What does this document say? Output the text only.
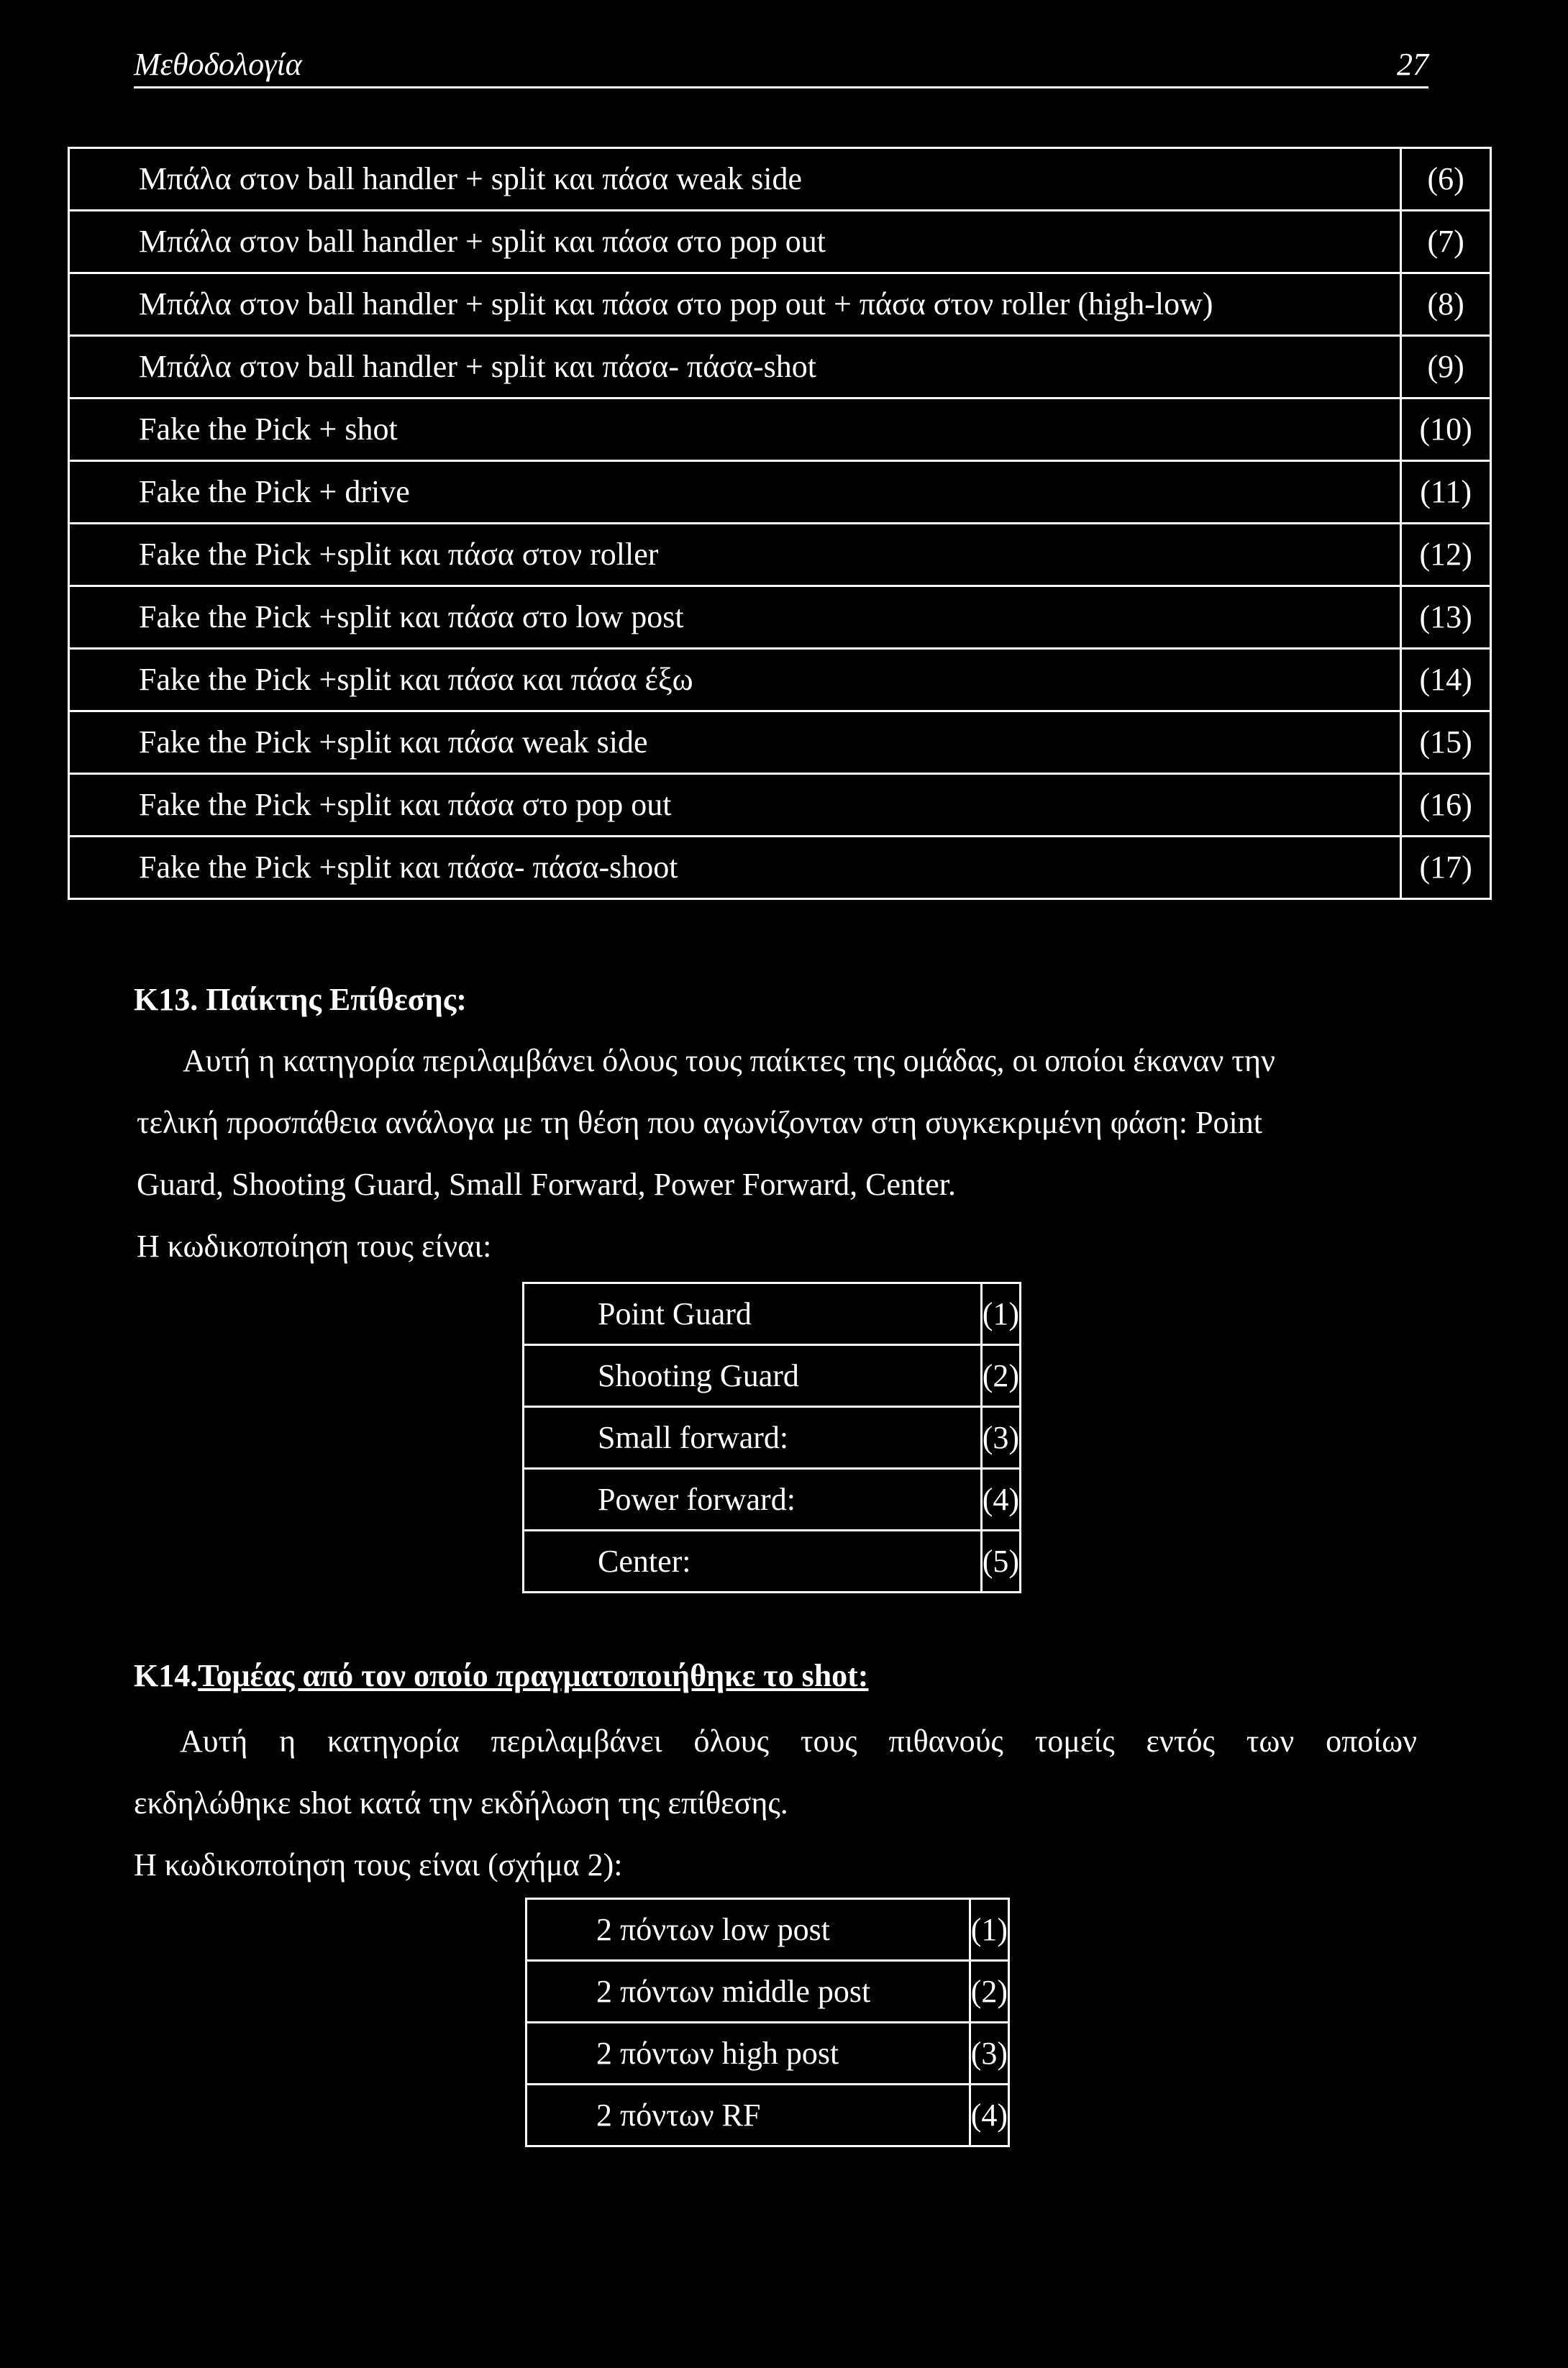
Μεθοδολογία	27
Μπάλα στον ball handler + split και πάσα weak side	(6)
Μπάλα στον ball handler + split και πάσα στο pop out	(7)
Μπάλα στον ball handler + split και πάσα στο pop out + πάσα στον roller (high-low)	(8)
Μπάλα στον ball handler + split και πάσα- πάσα-shot	(9)
Fake the Pick + shot	(10)
Fake the Pick + drive	(11)
Fake the Pick +split και πάσα στον roller	(12)
Fake the Pick +split και πάσα στο low post	(13)
Fake the Pick +split και πάσα και πάσα έξω	(14)
Fake the Pick +split και πάσα weak side	(15)
Fake the Pick +split και πάσα στο pop out	(16)
Fake the Pick +split και πάσα- πάσα-shoot	(17)
Κ13. Παίκτης Επίθεσης:
Αυτή η κατηγορία περιλαμβάνει όλους τους παίκτες της ομάδας, οι οποίοι έκαναν την
τελική προσπάθεια ανάλογα με τη θέση που αγωνίζονταν στη συγκεκριμένη φάση: Point
Guard, Shooting Guard, Small Forward, Power Forward, Center.
Η κωδικοποίηση τους είναι:
Point Guard	(1)
Shooting Guard	(2)
Small forward:	(3)
Power forward:	(4)
Center:	(5)
Κ14.Τομέας από τον οποίο πραγματοποιήθηκε το shot:
Αυτή η κατηγορία περιλαμβάνει όλους τους πιθανούς τομείς εντός των οποίων
εκδηλώθηκε shot κατά την εκδήλωση της επίθεσης.
Η κωδικοποίηση τους είναι (σχήμα 2):
2 πόντων low post	(1)
2 πόντων middle post	(2)
2 πόντων high post	(3)
2 πόντων RF	(4)
